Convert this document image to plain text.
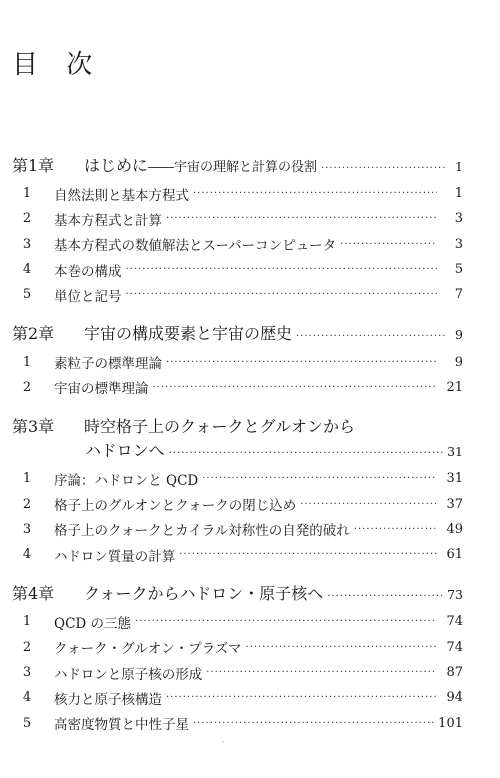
目 次
第1章	はじめに――宇宙の理解と計算の役割 ·····	1
1	自然法則と基本方程式 ·····	1
2	基本方程式と計算 ·····	3
3	基本方程式の数値解法とスーパーコンピュータ ·····	3
4	本巻の構成 ·····	5
5	単位と記号 ·····	7
第2章	宇宙の構成要素と宇宙の歴史 ·····	9
1	素粒子の標準理論 ·····	9
2	宇宙の標準理論 ·····	21
第3章	時空格子上のクォークとグルオンから
ハドロンへ ·····	31
1	序論：ハドロンと QCD ·····	31
2	格子上のグルオンとクォークの閉じ込め ·····	37
3	格子上のクォークとカイラル対称性の自発的破れ ·····	49
4	ハドロン質量の計算 ·····	61
第4章	クォークからハドロン・原子核へ ·····	73
1	QCD の三態 ·····	74
2	クォーク・グルオン・プラズマ ·····	74
3	ハドロンと原子核の形成 ·····	87
4	核力と原子核構造 ·····	94
5	高密度物質と中性子星 ·····	101
·
